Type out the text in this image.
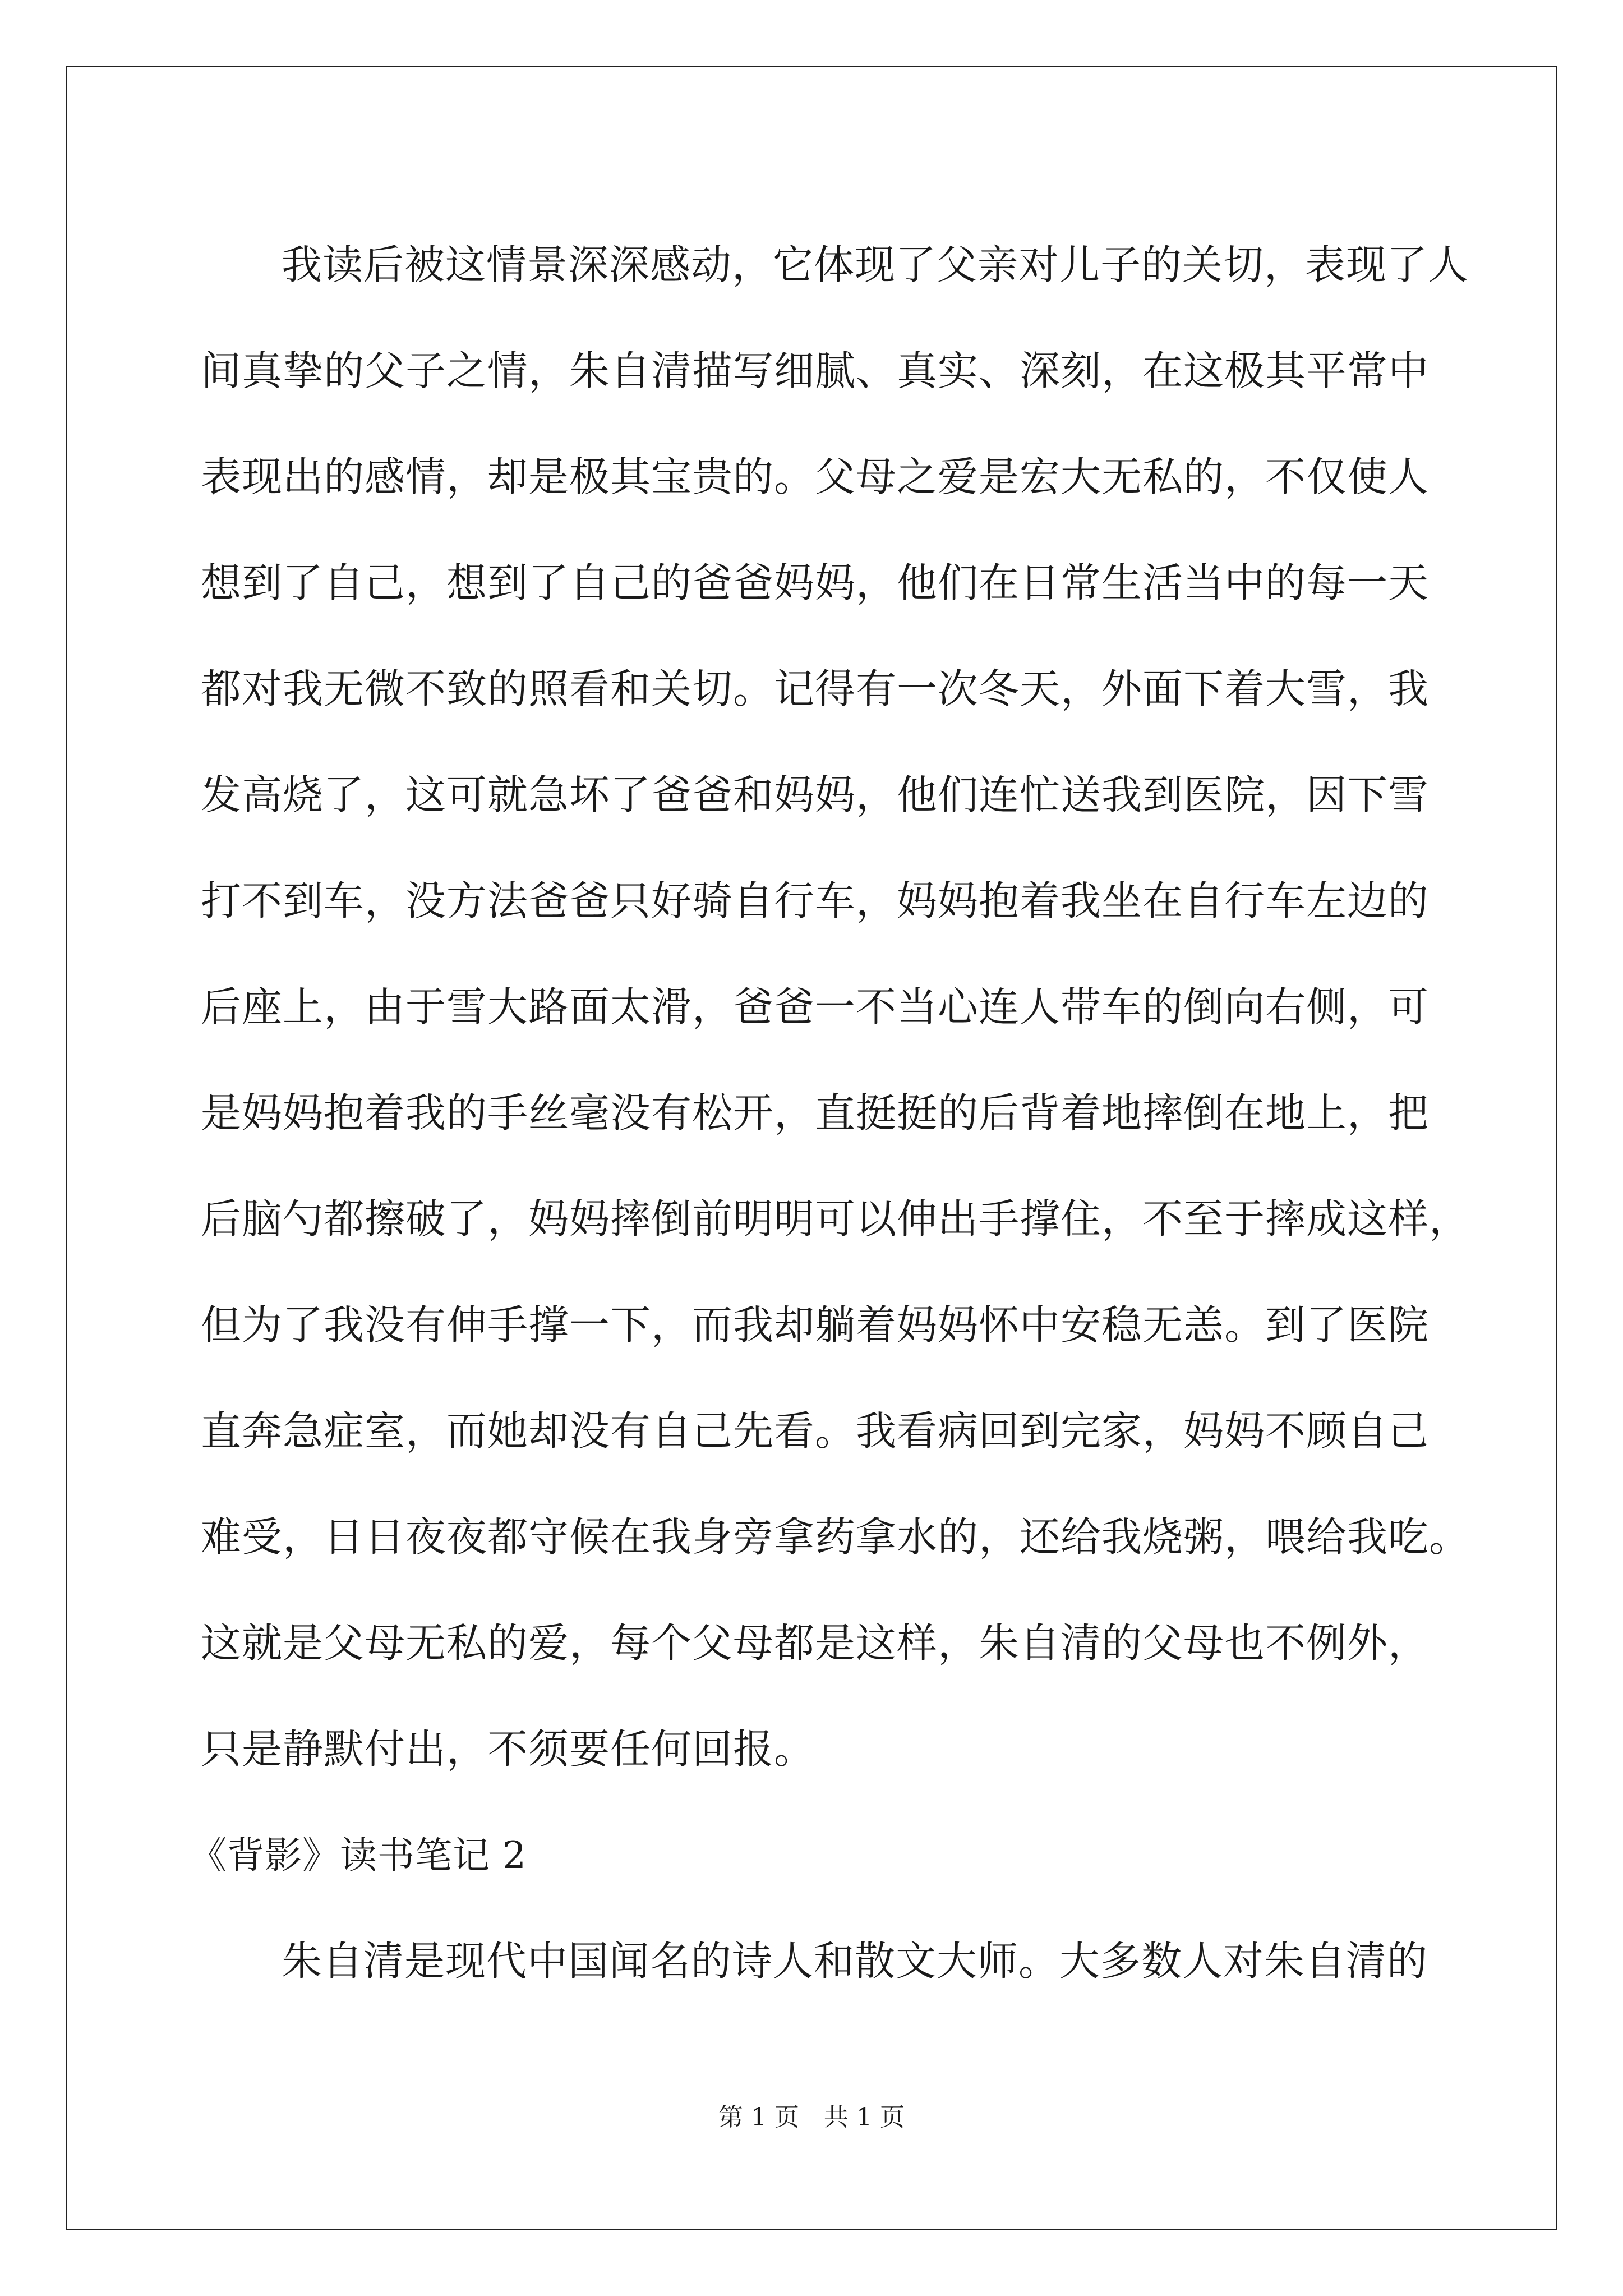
我读后被这情景深深感动，它体现了父亲对儿子的关切，表现了人
间真挚的父子之情，朱自清描写细腻、真实、深刻，在这极其平常中
表现出的感情，却是极其宝贵的。父母之爱是宏大无私的，不仅使人
想到了自己，想到了自己的爸爸妈妈，他们在日常生活当中的每一天
都对我无微不致的照看和关切。记得有一次冬天，外面下着大雪，我
发高烧了，这可就急坏了爸爸和妈妈，他们连忙送我到医院，因下雪
打不到车，没方法爸爸只好骑自行车，妈妈抱着我坐在自行车左边的
后座上，由于雪大路面太滑，爸爸一不当心连人带车的倒向右侧，可
是妈妈抱着我的手丝毫没有松开，直挺挺的后背着地摔倒在地上，把
后脑勺都擦破了，妈妈摔倒前明明可以伸出手撑住，不至于摔成这样，
但为了我没有伸手撑一下，而我却躺着妈妈怀中安稳无恙。到了医院
直奔急症室，而她却没有自己先看。我看病回到完家，妈妈不顾自己
难受，日日夜夜都守候在我身旁拿药拿水的，还给我烧粥，喂给我吃。
这就是父母无私的爱，每个父母都是这样，朱自清的父母也不例外，
只是静默付出，不须要任何回报。
《背影》读书笔记 2
朱自清是现代中国闻名的诗人和散文大师。大多数人对朱自清的
第 1 页　共 1 页
